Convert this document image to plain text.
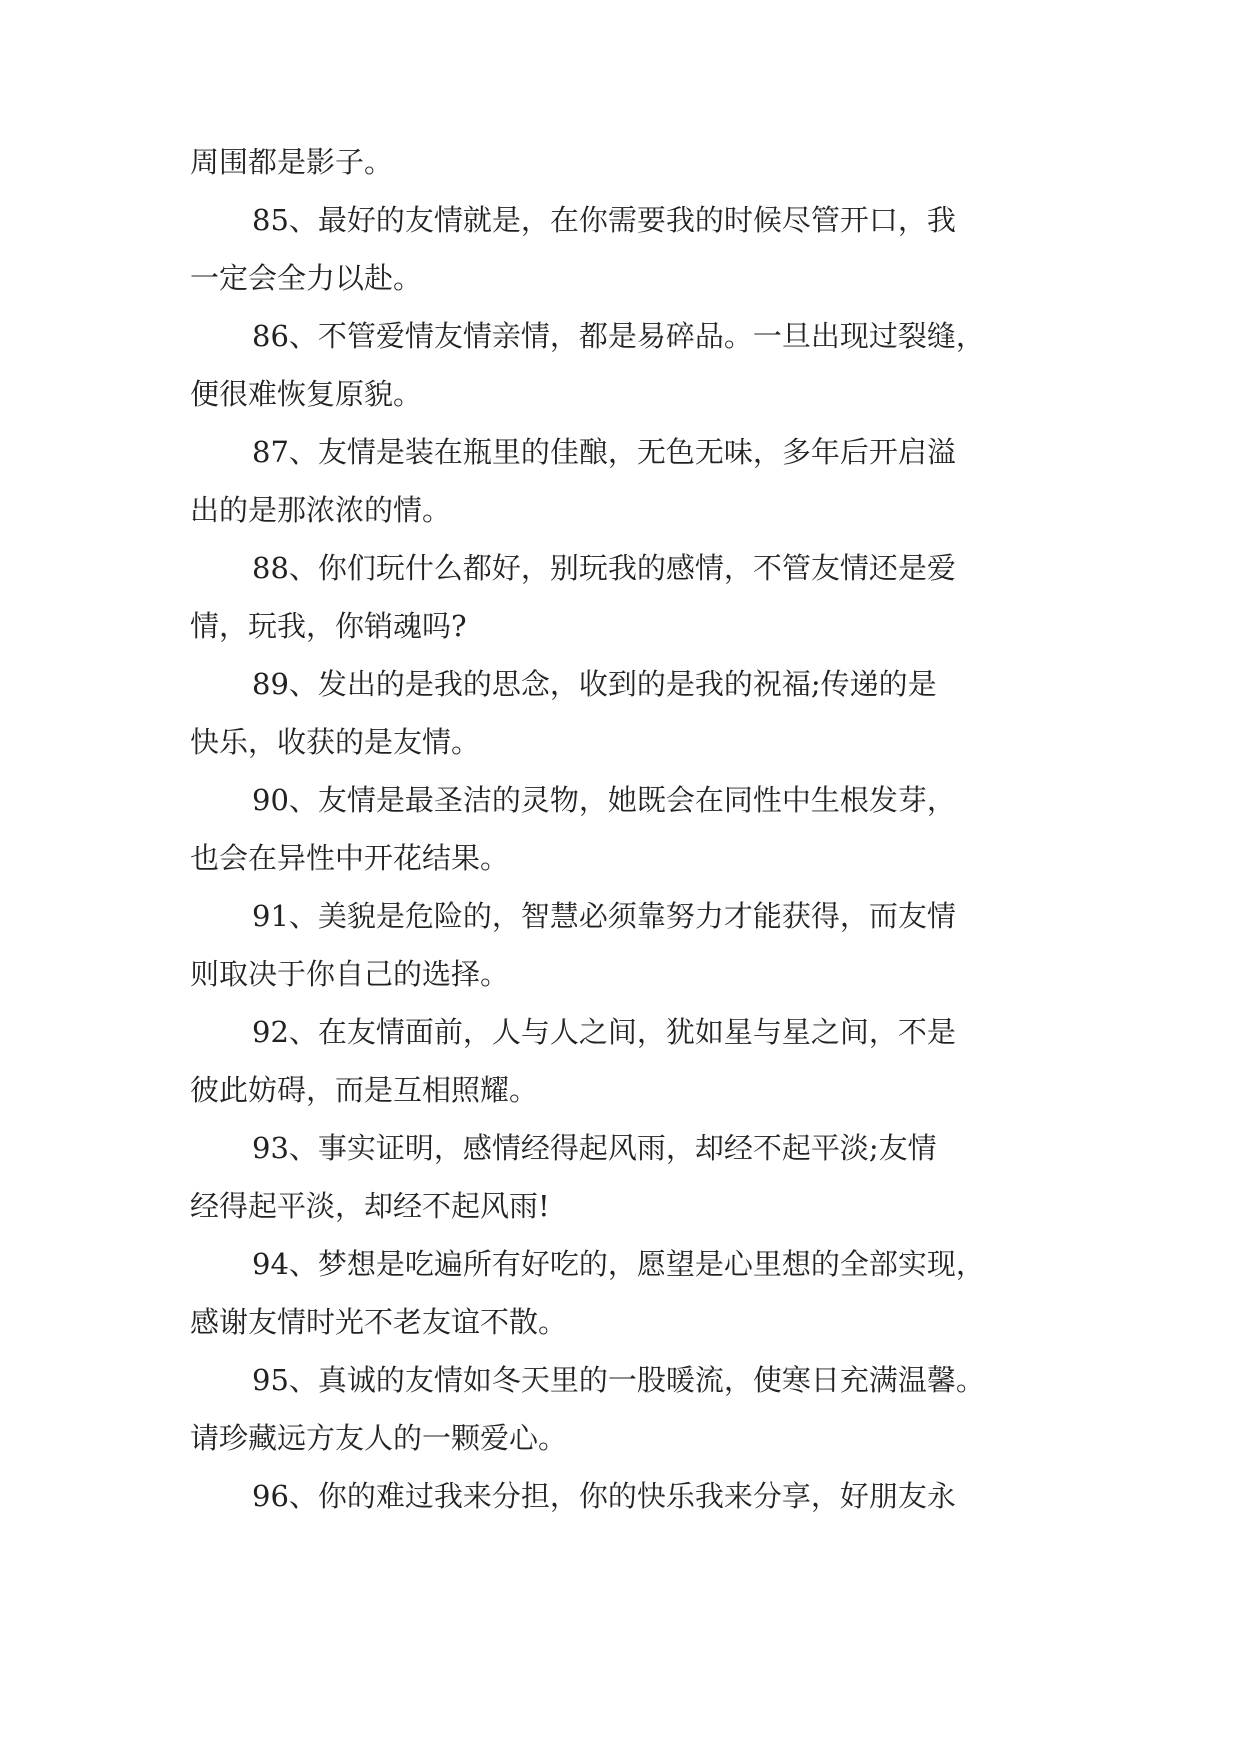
周围都是影子。

85、最好的友情就是，在你需要我的时候尽管开口，我

一定会全力以赴。

86、不管爱情友情亲情，都是易碎品。一旦出现过裂缝，

便很难恢复原貌。

87、友情是装在瓶里的佳酿，无色无味，多年后开启溢

出的是那浓浓的情。

88、你们玩什么都好，别玩我的感情，不管友情还是爱

情，玩我，你销魂吗?

89、发出的是我的思念，收到的是我的祝福;传递的是

快乐，收获的是友情。

90、友情是最圣洁的灵物，她既会在同性中生根发芽，

也会在异性中开花结果。

91、美貌是危险的，智慧必须靠努力才能获得，而友情

则取决于你自己的选择。

92、在友情面前，人与人之间，犹如星与星之间，不是

彼此妨碍，而是互相照耀。

93、事实证明，感情经得起风雨，却经不起平淡;友情

经得起平淡，却经不起风雨!

94、梦想是吃遍所有好吃的，愿望是心里想的全部实现，

感谢友情时光不老友谊不散。

95、真诚的友情如冬天里的一股暖流，使寒日充满温馨。

请珍藏远方友人的一颗爱心。

96、你的难过我来分担，你的快乐我来分享，好朋友永
